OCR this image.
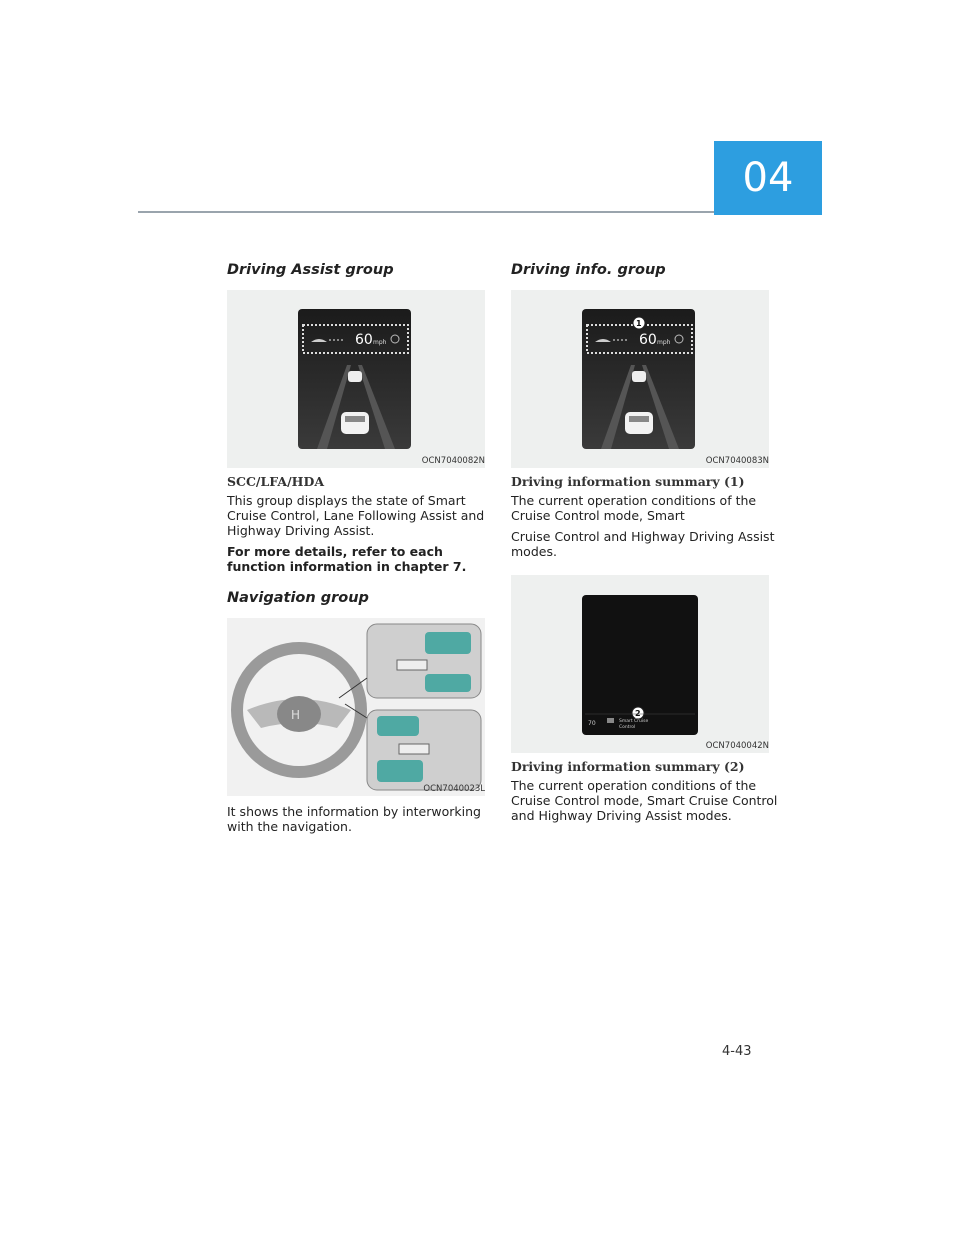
04
Driving Assist group
60 mph
OCN7040082N
SCC/LFA/HDA

This group displays the state of Smart Cruise Control, Lane Following Assist and Highway Driving Assist.

For more details, refer to each function information in chapter 7.

Navigation group
H
OCN7040023L

It shows the information by interworking with the navigation.

Driving info. group
1
60 mph
OCN7040083N
Driving information summary (1)

The current operation conditions of the Cruise Control mode, Smart

Cruise Control and Highway Driving Assist modes.

2
70	Smart Cruise
Control
OCN7040042N
Driving information summary (2)

The current operation conditions of the Cruise Control mode, Smart Cruise Control and Highway Driving Assist modes.

4-43
